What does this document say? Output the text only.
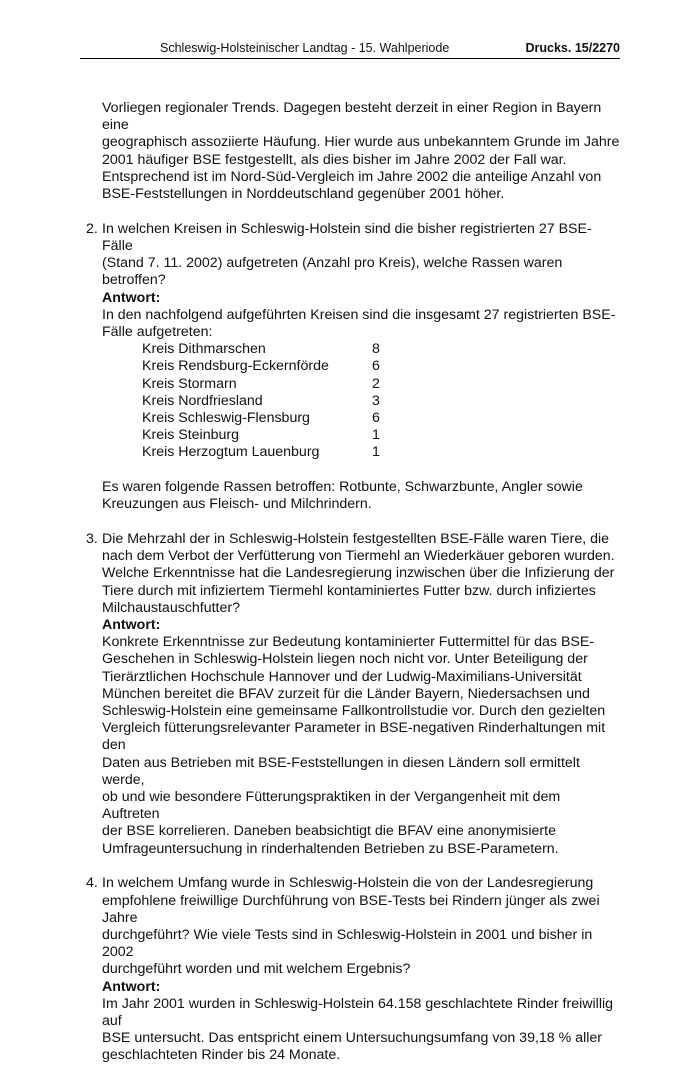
Schleswig-Holsteinischer Landtag - 15. Wahlperiode	Drucks. 15/2270

Vorliegen regionaler Trends. Dagegen besteht derzeit in einer Region in Bayern eine

geographisch assoziierte Häufung. Hier wurde aus unbekanntem Grunde im Jahre

2001 häufiger BSE festgestellt, als dies bisher im Jahre 2002 der Fall war.

Entsprechend ist im Nord-Süd-Vergleich im Jahre 2002 die anteilige Anzahl von

BSE-Feststellungen in Norddeutschland gegenüber 2001 höher.

2. In welchen Kreisen in Schleswig-Holstein sind die bisher registrierten 27 BSE-Fälle

(Stand 7. 11. 2002) aufgetreten (Anzahl pro Kreis), welche Rassen waren betroffen?

Antwort:

In den nachfolgend aufgeführten Kreisen sind die insgesamt 27 registrierten BSE-

Fälle aufgetreten:

Kreis Dithmarschen	8
Kreis Rendsburg-Eckernförde	6
Kreis Stormarn	2
Kreis Nordfriesland	3
Kreis Schleswig-Flensburg	6
Kreis Steinburg	1
Kreis Herzogtum Lauenburg	1

Es waren folgende Rassen betroffen: Rotbunte, Schwarzbunte, Angler sowie

Kreuzungen aus Fleisch- und Milchrindern.

3. Die Mehrzahl der in Schleswig-Holstein festgestellten BSE-Fälle waren Tiere, die

nach dem Verbot der Verfütterung von Tiermehl an Wiederkäuer geboren wurden.

Welche Erkenntnisse hat die Landesregierung inzwischen über die Infizierung der

Tiere durch mit infiziertem Tiermehl kontaminiertes Futter bzw. durch infiziertes

Milchaustauschfutter?

Antwort:

Konkrete Erkenntnisse zur Bedeutung kontaminierter Futtermittel für das BSE-

Geschehen in Schleswig-Holstein liegen noch nicht vor. Unter Beteiligung der

Tierärztlichen Hochschule Hannover und der Ludwig-Maximilians-Universität

München bereitet die BFAV zurzeit für die Länder Bayern, Niedersachsen und

Schleswig-Holstein eine gemeinsame Fallkontrollstudie vor. Durch den gezielten

Vergleich fütterungsrelevanter Parameter in BSE-negativen Rinderhaltungen mit den

Daten aus Betrieben mit BSE-Feststellungen in diesen Ländern soll ermittelt werde,

ob und wie besondere Fütterungspraktiken in der Vergangenheit mit dem Auftreten

der BSE korrelieren. Daneben beabsichtigt die BFAV eine anonymisierte

Umfrageuntersuchung in rinderhaltenden Betrieben zu BSE-Parametern.

4. In welchem Umfang wurde in Schleswig-Holstein die von der Landesregierung

empfohlene freiwillige Durchführung von BSE-Tests bei Rindern jünger als zwei Jahre

durchgeführt? Wie viele Tests sind in Schleswig-Holstein in 2001 und bisher in 2002

durchgeführt worden und mit welchem Ergebnis?

Antwort:

Im Jahr 2001 wurden in Schleswig-Holstein 64.158 geschlachtete Rinder freiwillig auf

BSE untersucht. Das entspricht einem Untersuchungsumfang von 39,18 % aller

geschlachteten Rinder bis 24 Monate.
